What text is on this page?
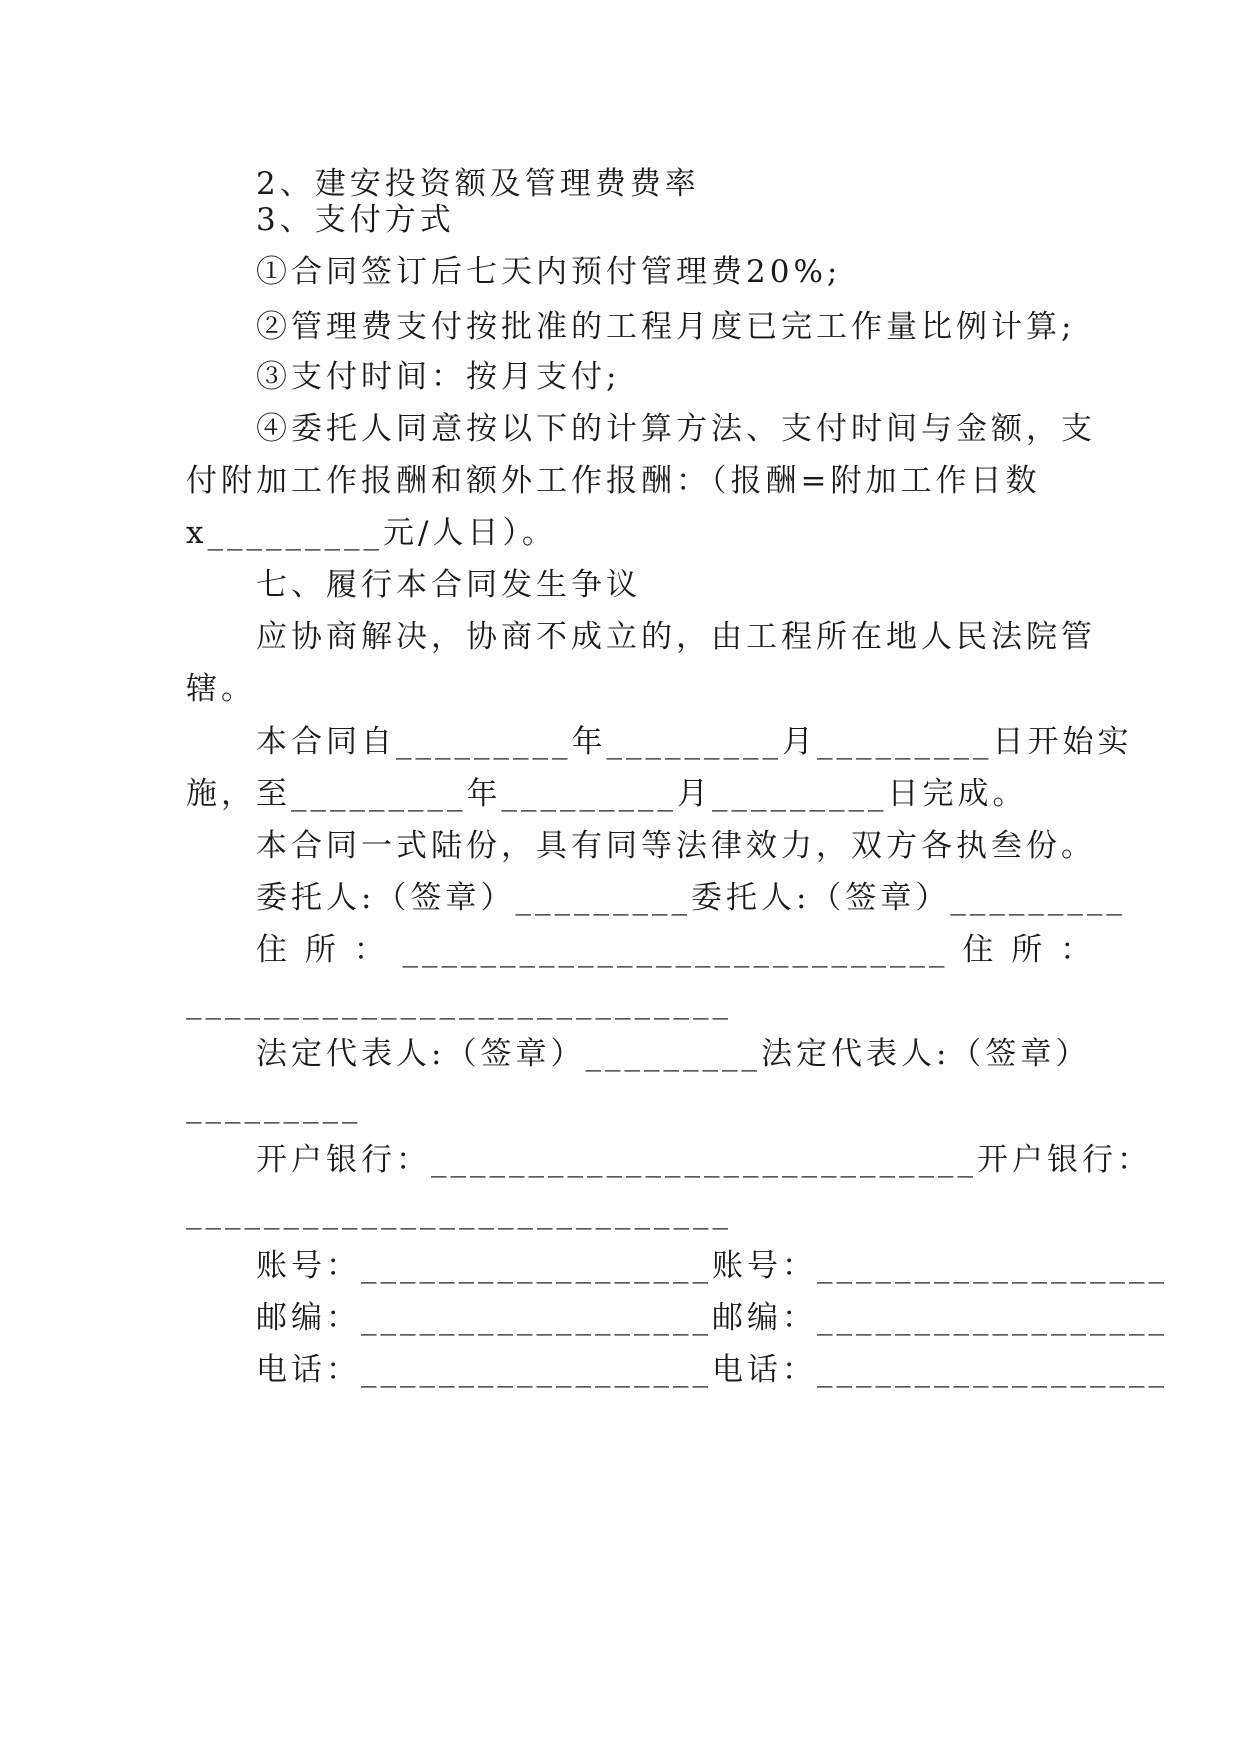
2、建安投资额及管理费费率
3、支付方式
①合同签订后七天内预付管理费20%;
②管理费支付按批准的工程月度已完工作量比例计算;
③支付时间：按月支付;
④委托人同意按以下的计算方法、支付时间与金额，支
付附加工作报酬和额外工作报酬：（报酬=附加工作日数
x_________元/人日）。
七、履行本合同发生争议
应协商解决，协商不成立的，由工程所在地人民法院管
辖。
本合同自_________年_________月_________日开始实
施，至_________年_________月_________日完成。
本合同一式陆份，具有同等法律效力，双方各执叁份。
委托人:（签章）_________委托人:（签章）_________
住 所 ： ____________________________ 住 所 ：
____________________________
法定代表人:（签章）_________法定代表人:（签章）
_________
开户银行：____________________________开户银行：
____________________________
账号：__________________账号：__________________
邮编：__________________邮编：__________________
电话：__________________电话：__________________
